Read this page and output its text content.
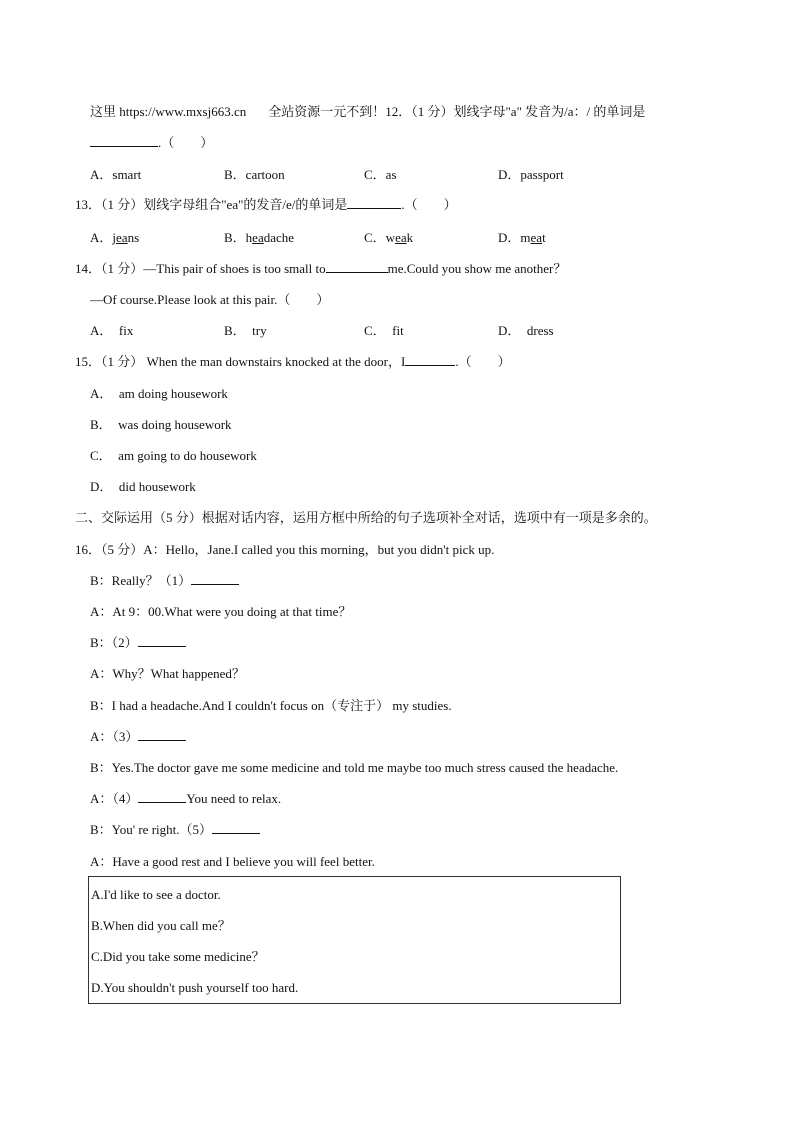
这里 https://www.mxsj663.cn 全站资源一元不到！12．（1 分）划线字母"a" 发音为/a：/ 的单词是
.（　　）
A．smart	B．cartoon	C．as	D．passport
13．（1 分）划线字母组合"ea"的发音/e/的单词是	.（　　）
A．jeans	B．headache	C．weak	D．meat
14．（1 分）—This pair of shoes is too small to	me.Could you show me another？
—Of course.Please look at this pair.（　　）
A． fix	B． try	C． fit	D． dress
15．（1 分） When the man downstairs knocked at the door，I	.（　　）
A． am doing housework
B． was doing housework
C． am going to do housework
D． did housework
二、交际运用（5 分）根据对话内容，运用方框中所给的句子选项补全对话，选项中有一项是多余的。
16．（5 分）A：Hello，Jane.I called you this morning，but you didn't pick up.
B：Really？（1）
A：At 9：00.What were you doing at that time？
B：（2）
A：Why？What happened？
B：I had a headache.And I couldn't focus on（专注于） my studies.
A：（3）
B：Yes.The doctor gave me some medicine and told me maybe too much stress caused the headache.
A：（4）	You need to relax.
B：You' re right.（5）
A：Have a good rest and I believe you will feel better.
A.I'd like to see a doctor.
B.When did you call me？
C.Did you take some medicine？
D.You shouldn't push yourself too hard.
